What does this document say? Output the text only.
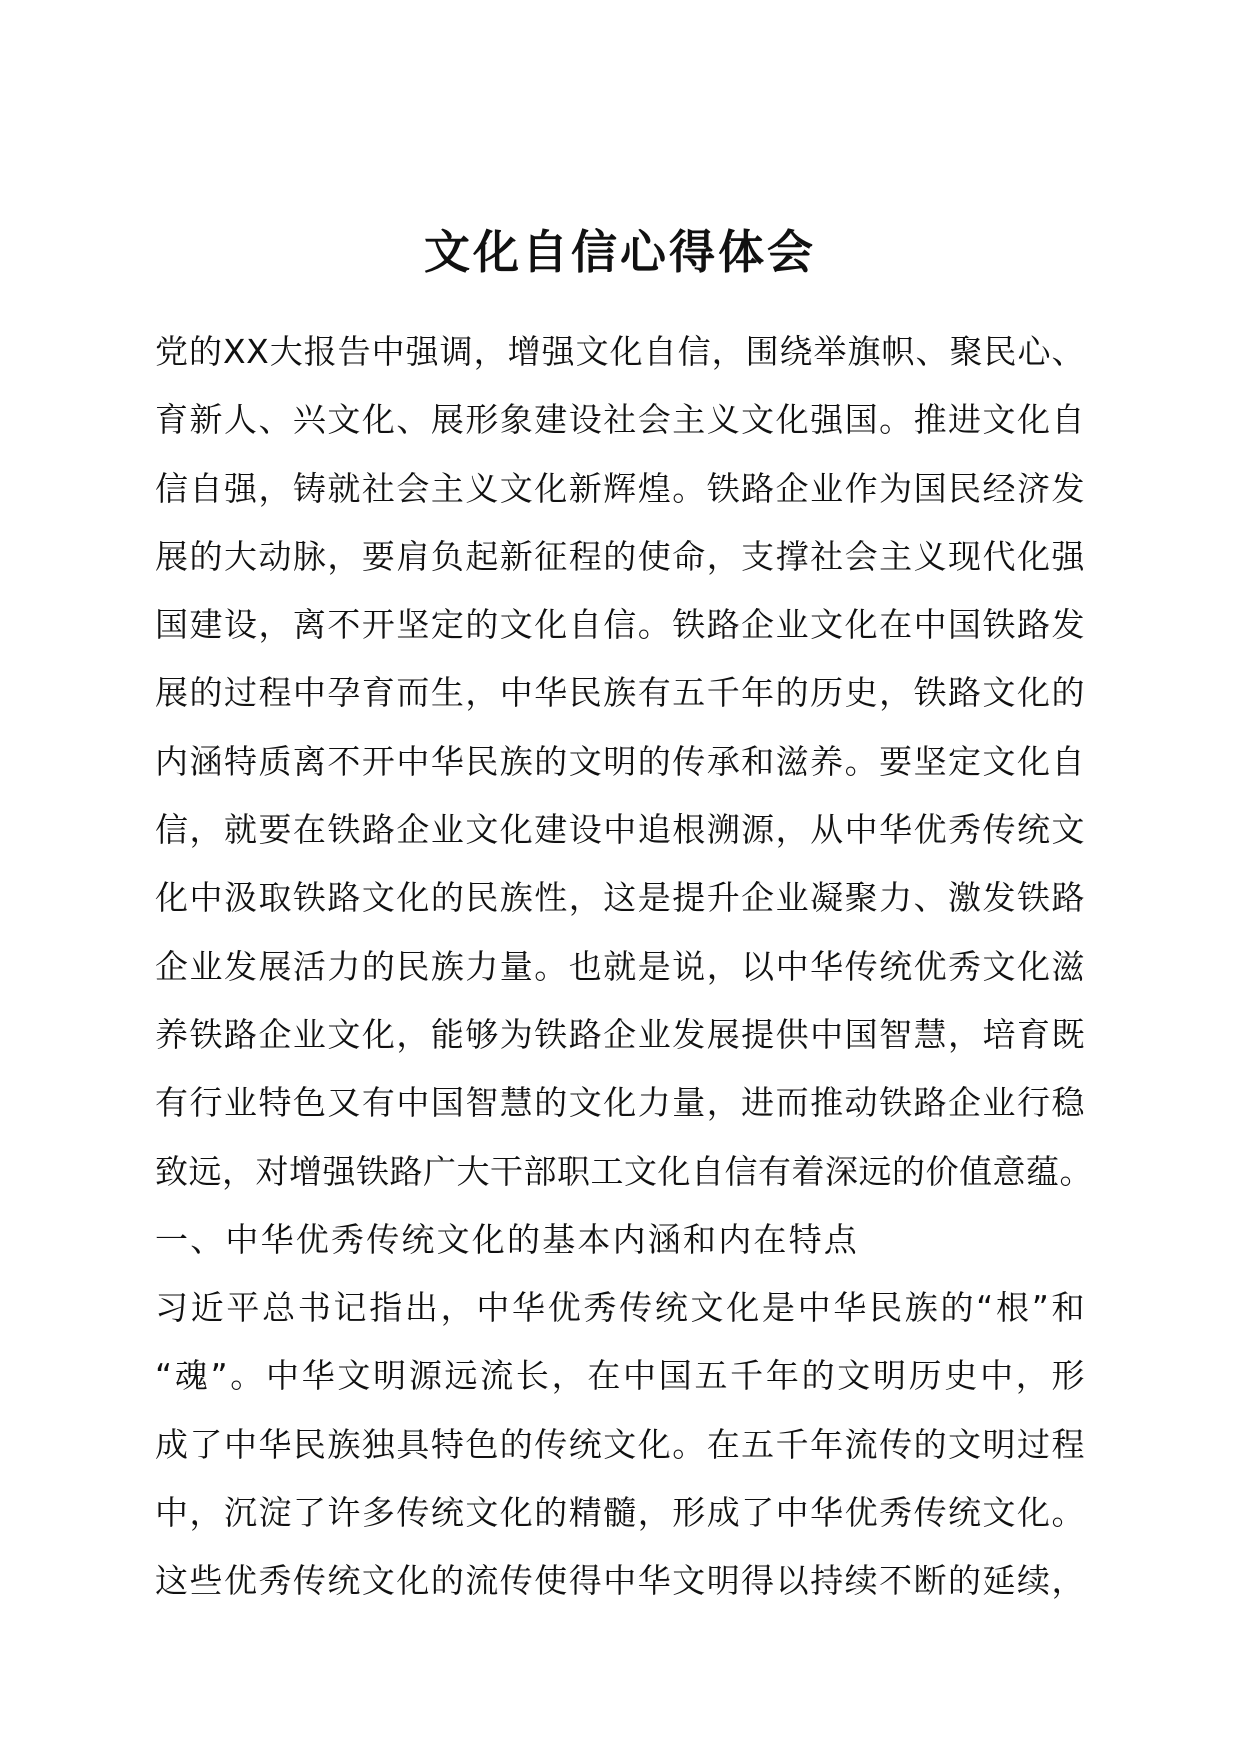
文化自信心得体会
党的XX大报告中强调，增强文化自信，围绕举旗帜、聚民心、
育新人、兴文化、展形象建设社会主义文化强国。推进文化自
信自强，铸就社会主义文化新辉煌。铁路企业作为国民经济发
展的大动脉，要肩负起新征程的使命，支撑社会主义现代化强
国建设，离不开坚定的文化自信。铁路企业文化在中国铁路发
展的过程中孕育而生，中华民族有五千年的历史，铁路文化的
内涵特质离不开中华民族的文明的传承和滋养。要坚定文化自
信，就要在铁路企业文化建设中追根溯源，从中华优秀传统文
化中汲取铁路文化的民族性，这是提升企业凝聚力、激发铁路
企业发展活力的民族力量。也就是说，以中华传统优秀文化滋
养铁路企业文化，能够为铁路企业发展提供中国智慧，培育既
有行业特色又有中国智慧的文化力量，进而推动铁路企业行稳
致远，对增强铁路广大干部职工文化自信有着深远的价值意蕴。
一、中华优秀传统文化的基本内涵和内在特点
习近平总书记指出，中华优秀传统文化是中华民族的“根”和
“魂”。中华文明源远流长，在中国五千年的文明历史中，形
成了中华民族独具特色的传统文化。在五千年流传的文明过程
中，沉淀了许多传统文化的精髓，形成了中华优秀传统文化。
这些优秀传统文化的流传使得中华文明得以持续不断的延续，
